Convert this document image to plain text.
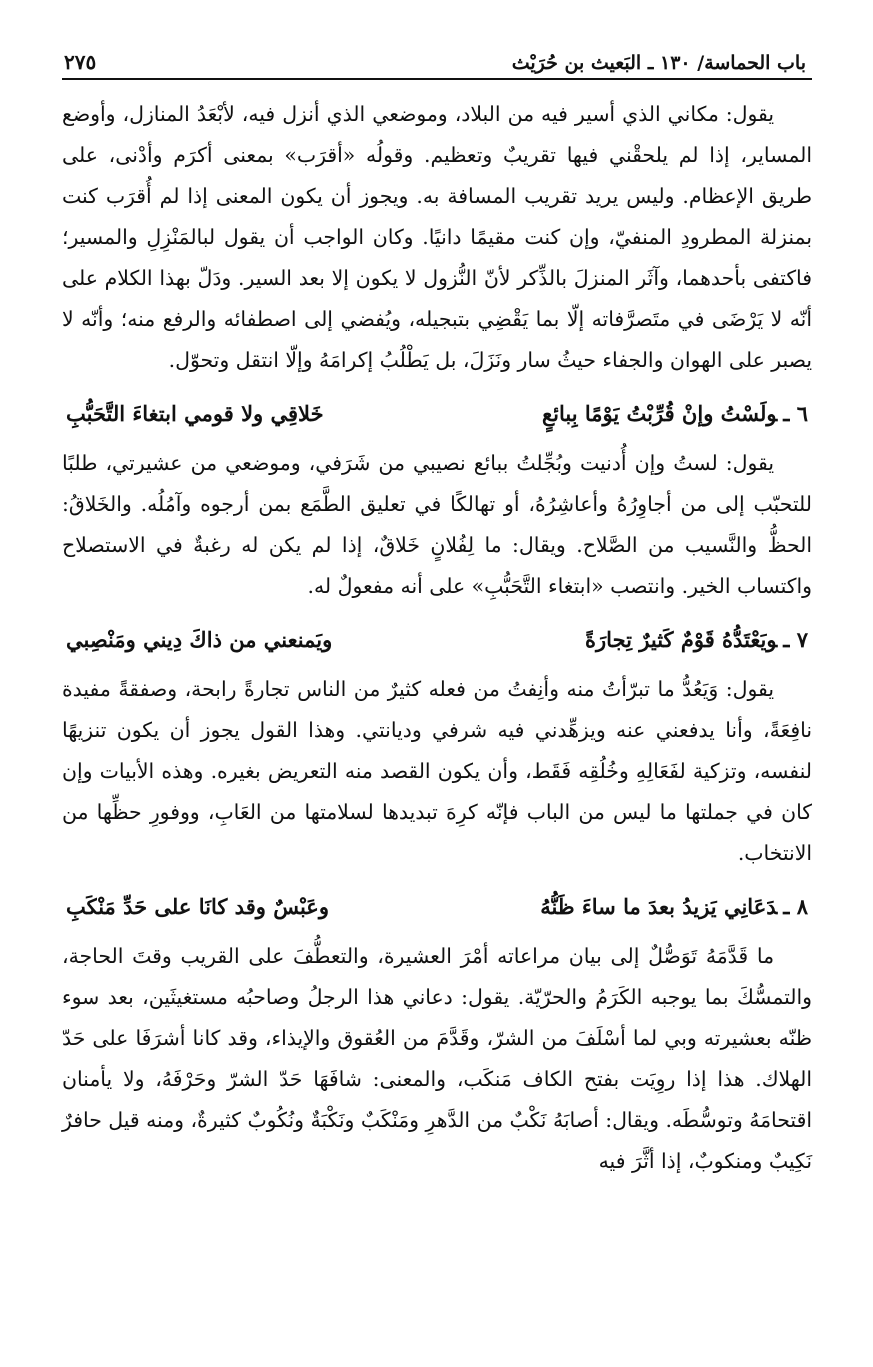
باب الحماسة/ ١٣٠ ـ البَعيث بن حُرَيْث
٢٧٥

يقول: مكاني الذي أسير فيه من البلاد، وموضعي الذي أنزل فيه، لأبْعَدُ المنازل، وأوضع المساير، إذا لم يلحقْني فيها تقريبٌ وتعظيم. وقولُه «أقرَب» بمعنى أكرَم وأدْنى، على طريق الإعظام. وليس يريد تقريب المسافة به. ويجوز أن يكون المعنى إذا لم أُقرَب كنت بمنزلة المطرودِ المنفيّ، وإن كنت مقيمًا دانيًا. وكان الواجب أن يقول لبالمَنْزِلِ والمسير؛ فاكتفى بأحدهما، وآثَر المنزلَ بالذِّكر لأنّ النُّزول لا يكون إلا بعد السير. ودَلّ بهذا الكلام على أنّه لا يَرْضَى في متَصرَّفاته إلّا بما يَقْضِي بتبجيله، ويُفضي إلى اصطفائه والرفع منه؛ وأنّه لا يصبر على الهوان والجفاء حيثُ سار ونَزَلَ، بل يَطْلُبُ إكرامَهُ وإلّا انتقل وتحوّل.

٦ ـولَسْتُ وإنْ قُرِّبْتُ يَوْمًا بِبائعٍ
خَلاقِي ولا قومي ابتغاءَ التَّحَبُّبِ

يقول: لستُ وإن أُدنيت وبُجِّلتُ ببائع نصيبي من شَرَفي، وموضعي من عشيرتي، طلبًا للتحبّب إلى من أجاوِرُهُ وأعاشِرُهُ، أو تهالكًا في تعليق الطَّمَع بمن أرجوه وآمُلُه. والخَلاقُ: الحظُّ والنَّسيب من الصَّلاح. ويقال: ما لِفُلانٍ خَلاقٌ، إذا لم يكن له رغبةٌ في الاستصلاح واكتساب الخير. وانتصب «ابتغاء التَّحَبُّبِ» على أنه مفعولٌ له.

٧ ـويَعْتَدُّهُ قَوْمٌ كَثيرٌ تِجارَةً
ويَمنعني من ذاكَ دِيني ومَنْصِبي

يقول: وَيَعُدُّ ما تبرّأتُ منه وأنِفتُ من فعله كثيرٌ من الناس تجارةً رابحة، وصفقةً مفيدة نافِعَةً، وأنا يدفعني عنه ويزهِّدني فيه شرفي وديانتي. وهذا القول يجوز أن يكون تنزيهًا لنفسه، وتزكية لفَعَالِهِ وخُلُقِه فَقَط، وأن يكون القصد منه التعريض بغيره. وهذه الأبيات وإن كان في جملتها ما ليس من الباب فإنّه كرِهَ تبديدها لسلامتها من العَابِ، ووفورِ حظِّها من الانتخاب.

٨ ـدَعَانِي يَزيدُ بعدَ ما ساءَ ظَنُّهُ
وعَبْسٌ وقد كانَا على حَدِّ مَنْكَبِ

ما قَدَّمَهُ تَوَصُّلٌ إلى بيان مراعاته أمْرَ العشيرة، والتعطُّفَ على القريب وقتَ الحاجة، والتمسُّكَ بما يوجبه الكَرَمُ والحرّيّة. يقول: دعاني هذا الرجلُ وصاحبُه مستغيثَين، بعد سوء ظنّه بعشيرته وبي لما أسْلَفَ من الشرّ، وقَدَّمَ من العُقوق والإيذاء، وقد كانا أشرَفَا على حَدّ الهلاك. هذا إذا روِيَت بفتح الكاف مَنكَب، والمعنى: شافَهَا حَدّ الشرّ وحَرْفَهُ، ولا يأمنان اقتحامَهُ وتوسُّطَه. ويقال: أصابَهُ نَكْبٌ من الدَّهرِ ومَنْكَبٌ ونَكْبَةٌ ونُكُوبٌ كثيرةٌ، ومنه قيل حافرٌ نَكِيبٌ ومنكوبٌ، إذا أثَّرَ فيه
